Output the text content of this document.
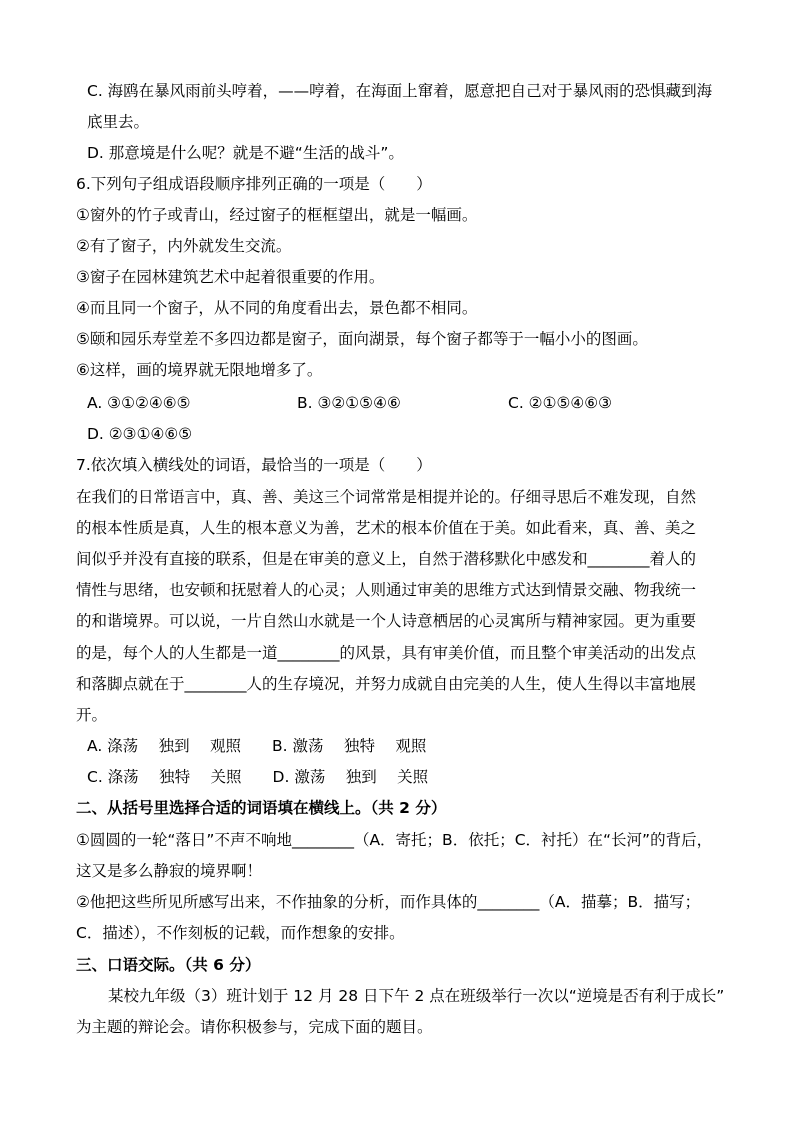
C. 海鸥在暴风雨前头哼着，——哼着，在海面上窜着，愿意把自己对于暴风雨的恐惧藏到海
底里去。
D. 那意境是什么呢？就是不避“生活的战斗”。
6.下列句子组成语段顺序排列正确的一项是（　　）
①窗外的竹子或青山，经过窗子的框框望出，就是一幅画。
②有了窗子，内外就发生交流。
③窗子在园林建筑艺术中起着很重要的作用。
④而且同一个窗子，从不同的角度看出去，景色都不相同。
⑤颐和园乐寿堂差不多四边都是窗子，面向湖景，每个窗子都等于一幅小小的图画。
⑥这样，画的境界就无限地增多了。
A. ③①②④⑥⑤	B. ③②①⑤④⑥	C. ②①⑤④⑥③
D. ②③①④⑥⑤
7.依次填入横线处的词语，最恰当的一项是（　　）
在我们的日常语言中，真、善、美这三个词常常是相提并论的。仔细寻思后不难发现，自然
的根本性质是真，人生的根本意义为善，艺术的根本价值在于美。如此看来，真、善、美之
间似乎并没有直接的联系，但是在审美的意义上，自然于潜移默化中感发和________着人的
情性与思绪，也安顿和抚慰着人的心灵；人则通过审美的思维方式达到情景交融、物我统一
的和谐境界。可以说，一片自然山水就是一个人诗意栖居的心灵寓所与精神家园。更为重要
的是，每个人的人生都是一道________的风景，具有审美价值，而且整个审美活动的出发点
和落脚点就在于________人的生存境况，并努力成就自由完美的人生，使人生得以丰富地展
开。
A. 涤荡　 独到　 观照　　B. 激荡　 独特　 观照
C. 涤荡　 独特　 关照　　D. 激荡　 独到　 关照
二、从括号里选择合适的词语填在横线上。（共 2 分）
①圆圆的一轮“落日”不声不响地________（A．寄托；B．依托；C．衬托）在“长河”的背后，
这又是多么静寂的境界啊！
②他把这些所见所感写出来，不作抽象的分析，而作具体的________（A．描摹；B．描写；
C．描述），不作刻板的记载，而作想象的安排。
三、口语交际。（共 6 分）
某校九年级（3）班计划于 12 月 28 日下午 2 点在班级举行一次以“逆境是否有利于成长”
为主题的辩论会。请你积极参与，完成下面的题目。
